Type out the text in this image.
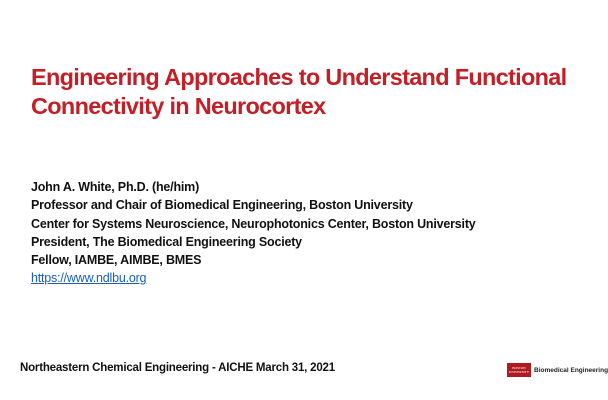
Engineering Approaches to Understand Functional
Connectivity in Neurocortex
John A. White, Ph.D. (he/him)
Professor and Chair of Biomedical Engineering, Boston University
Center for Systems Neuroscience, Neurophotonics Center, Boston University
President, The Biomedical Engineering Society
Fellow, IAMBE, AIMBE, BMES
https://www.ndlbu.org
Northeastern Chemical Engineering - AICHE March 31, 2021	BOSTON
UNIVERSITY Biomedical Engineering
